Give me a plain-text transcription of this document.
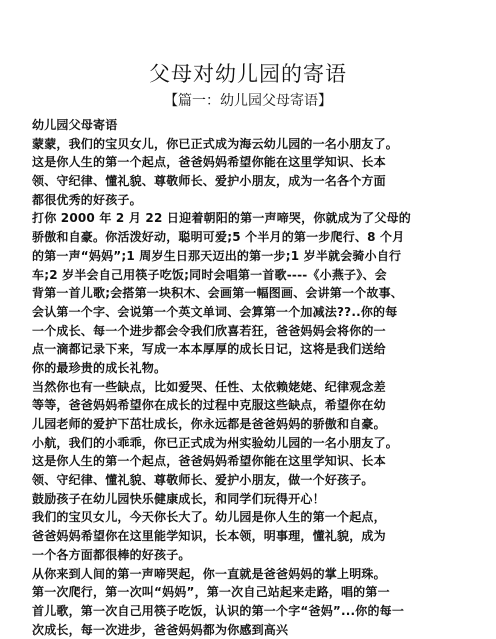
父母对幼儿园的寄语
【篇一：幼儿园父母寄语】
幼儿园父母寄语
蒙蒙，我们的宝贝女儿，你已正式成为海云幼儿园的一名小朋友了。
这是你人生的第一个起点，爸爸妈妈希望你能在这里学知识、长本
领、守纪律、懂礼貌、尊敬师长、爱护小朋友，成为一名各个方面
都很优秀的好孩子。
打你 2000 年 2 月 22 日迎着朝阳的第一声啼哭，你就成为了父母的
骄傲和自豪。你活泼好动，聪明可爱;5 个半月的第一步爬行、8 个月
的第一声“妈妈”;1 周岁生日那天迈出的第一步;1 岁半就会骑小自行
车;2 岁半会自己用筷子吃饭;同时会唱第一首歌----《小燕子》、会
背第一首儿歌;会搭第一块积木、会画第一幅图画、会讲第一个故事、
会认第一个字、会说第一个英文单词、会算第一个加减法??..你的每
一个成长、每一个进步都会令我们欣喜若狂，爸爸妈妈会将你的一
点一滴都记录下来，写成一本本厚厚的成长日记，这将是我们送给
你的最珍贵的成长礼物。
当然你也有一些缺点，比如爱哭、任性、太依赖姥姥、纪律观念差
等等，爸爸妈妈希望你在成长的过程中克服这些缺点，希望你在幼
儿园老师的爱护下茁壮成长，你永远都是爸爸妈妈的骄傲和自豪。
小航，我们的小乖乖，你已正式成为州实验幼儿园的一名小朋友了。
这是你人生的第一个起点，爸爸妈妈希望你能在这里学知识、长本
领、守纪律、懂礼貌、尊敬师长、爱护小朋友，做一个好孩子。
鼓励孩子在幼儿园快乐健康成长，和同学们玩得开心！
我们的宝贝女儿，今天你长大了。幼儿园是你人生的第一个起点，
爸爸妈妈希望你在这里能学知识，长本领，明事理，懂礼貌，成为
一个各方面都很棒的好孩子。
从你来到人间的第一声啼哭起，你一直就是爸爸妈妈的掌上明珠。
第一次爬行，第一次叫“妈妈”，第一次自己站起来走路，唱的第一
首儿歌，第一次自己用筷子吃饭，认识的第一个字“爸妈”...你的每一
次成长，每一次进步，爸爸妈妈都为你感到高兴
